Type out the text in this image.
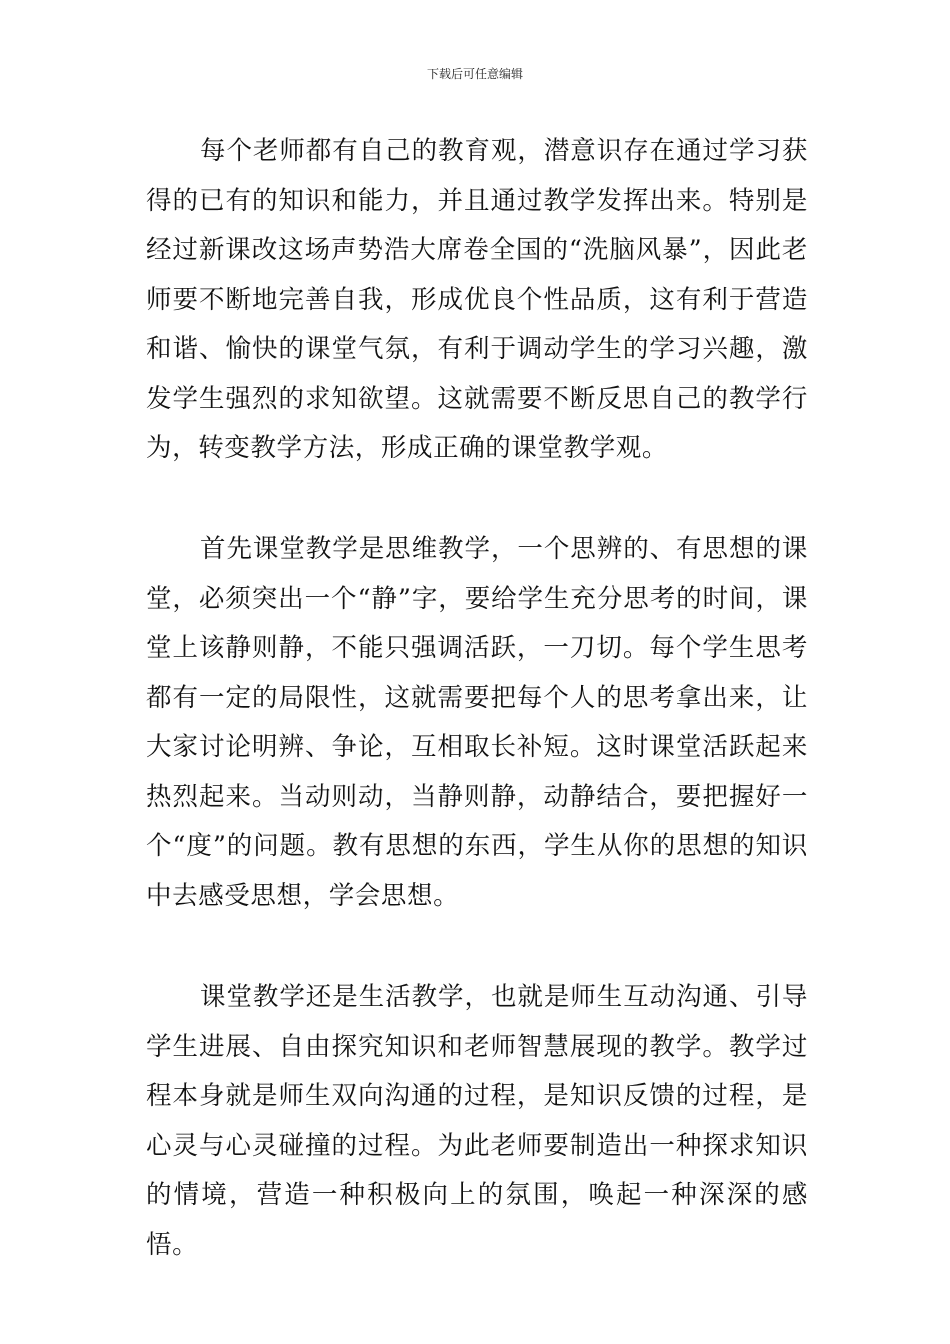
下载后可任意编辑

每个老师都有自己的教育观，潜意识存在通过学习获得的已有的知识和能力，并且通过教学发挥出来。特别是经过新课改这场声势浩大席卷全国的“洗脑风暴”，因此老师要不断地完善自我，形成优良个性品质，这有利于营造和谐、愉快的课堂气氛，有利于调动学生的学习兴趣，激发学生强烈的求知欲望。这就需要不断反思自己的教学行为，转变教学方法，形成正确的课堂教学观。

首先课堂教学是思维教学，一个思辨的、有思想的课堂，必须突出一个“静”字，要给学生充分思考的时间，课堂上该静则静，不能只强调活跃，一刀切。每个学生思考都有一定的局限性，这就需要把每个人的思考拿出来，让大家讨论明辨、争论，互相取长补短。这时课堂活跃起来热烈起来。当动则动，当静则静，动静结合，要把握好一个“度”的问题。教有思想的东西，学生从你的思想的知识中去感受思想，学会思想。

课堂教学还是生活教学，也就是师生互动沟通、引导学生进展、自由探究知识和老师智慧展现的教学。教学过程本身就是师生双向沟通的过程，是知识反馈的过程，是心灵与心灵碰撞的过程。为此老师要制造出一种探求知识的情境，营造一种积极向上的氛围，唤起一种深深的感悟。
